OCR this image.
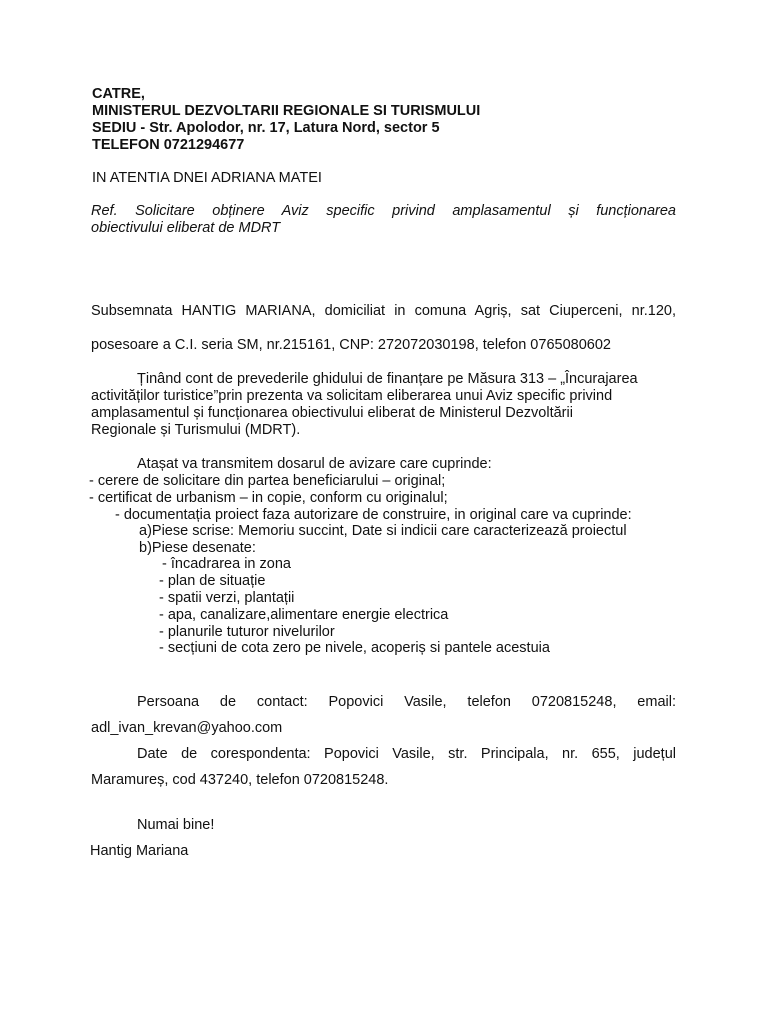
CATRE,
MINISTERUL DEZVOLTARII REGIONALE SI TURISMULUI
SEDIU - Str. Apolodor, nr. 17, Latura Nord, sector 5
TELEFON 0721294677
IN ATENTIA DNEI ADRIANA MATEI
Ref. Solicitare obținere Aviz specific privind amplasamentul și funcționarea
obiectivului eliberat de MDRT
Subsemnata HANTIG MARIANA, domiciliat in comuna Agriș, sat Ciuperceni, nr.120,
posesoare a C.I. seria SM, nr.215161, CNP: 272072030198, telefon 0765080602
Ținând cont de prevederile ghidului de finanțare pe Măsura 313 – „Încurajarea
activităților turistice”prin prezenta va solicitam eliberarea unui Aviz specific privind
amplasamentul și funcționarea obiectivului eliberat de Ministerul Dezvoltării
Regionale și Turismului (MDRT).
Atașat va transmitem dosarul de avizare care cuprinde:
- cerere de solicitare din partea beneficiarului – original;
- certificat de urbanism – in copie, conform cu originalul;
- documentația proiect faza autorizare de construire, in original care va cuprinde:
a)Piese scrise: Memoriu succint, Date si indicii care caracterizează proiectul
b)Piese desenate:
- încadrarea in zona
- plan de situație
- spatii verzi, plantații
- apa, canalizare,alimentare energie electrica
- planurile tuturor nivelurilor
- secțiuni de cota zero pe nivele, acoperiș si pantele acestuia
Persoana de contact: Popovici Vasile, telefon 0720815248, email:
adl_ivan_krevan@yahoo.com
Date de corespondenta: Popovici Vasile, str. Principala, nr. 655, județul
Maramureș, cod 437240, telefon 0720815248.
Numai bine!
Hantig Mariana
